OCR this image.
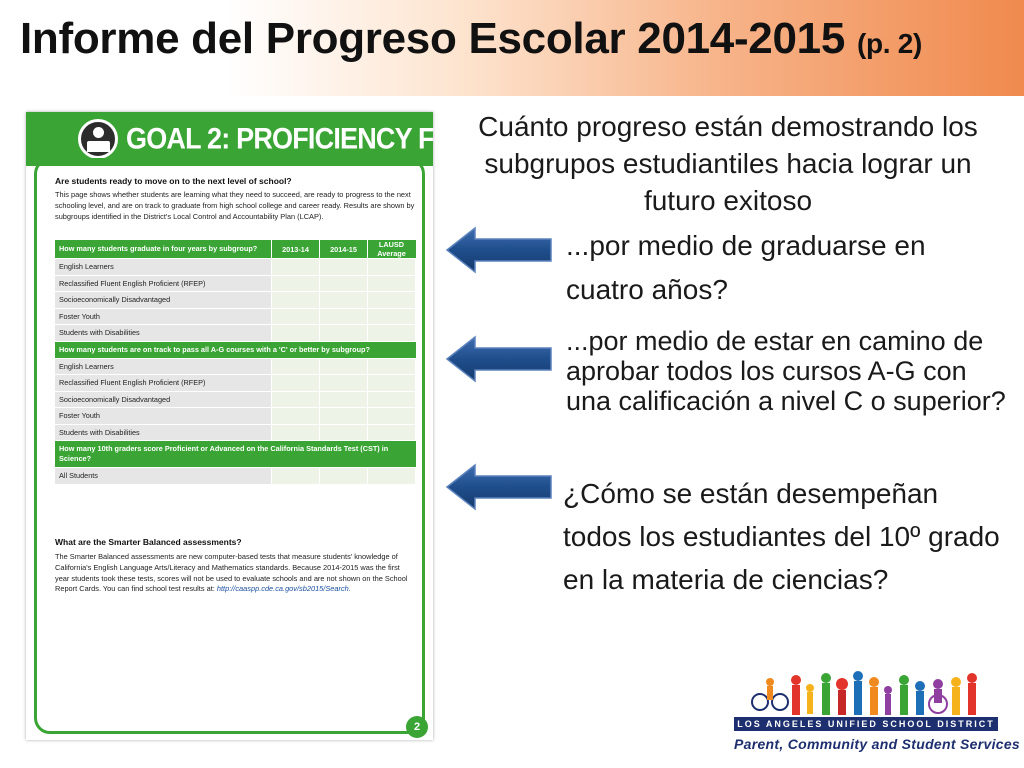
Informe del Progreso Escolar 2014-2015 (p. 2)
GOAL 2: PROFICIENCY FOR ALL
Are students ready to move on to the next level of school?
This page shows whether students are learning what they need to succeed, are ready to progress to the next schooling level, and are on track to graduate from high school college and career ready. Results are shown by subgroups identified in the District's Local Control and Accountability Plan (LCAP).
How many students graduate in four years by subgroup?	2013-14	2014-15	LAUSD Average
English Learners
Reclassified Fluent English Proficient (RFEP)
Socioeconomically Disadvantaged
Foster Youth
Students with Disabilities
How many students are on track to pass all A-G courses with a 'C' or better by subgroup?
English Learners
Reclassified Fluent English Proficient (RFEP)
Socioeconomically Disadvantaged
Foster Youth
Students with Disabilities
How many 10th graders score Proficient or Advanced on the California Standards Test (CST) in Science?
All Students
What are the Smarter Balanced assessments?
The Smarter Balanced assessments are new computer-based tests that measure students' knowledge of California's English Language Arts/Literacy and Mathematics standards. Because 2014-2015 was the first year students took these tests, scores will not be used to evaluate schools and are not shown on the School Report Cards. You can find school test results at: http://caaspp.cde.ca.gov/sb2015/Search.
2
Cuánto progreso están demostrando los subgrupos estudiantiles hacia lograr un futuro exitoso
...por medio de graduarse en cuatro años?
...por medio de estar en camino de aprobar todos los cursos A-G con una calificación a nivel C o superior?
¿Cómo se están desempeñan todos los estudiantes del 10º grado en la materia de ciencias?
LOS ANGELES UNIFIED SCHOOL DISTRICT
Parent, Community and Student Services
